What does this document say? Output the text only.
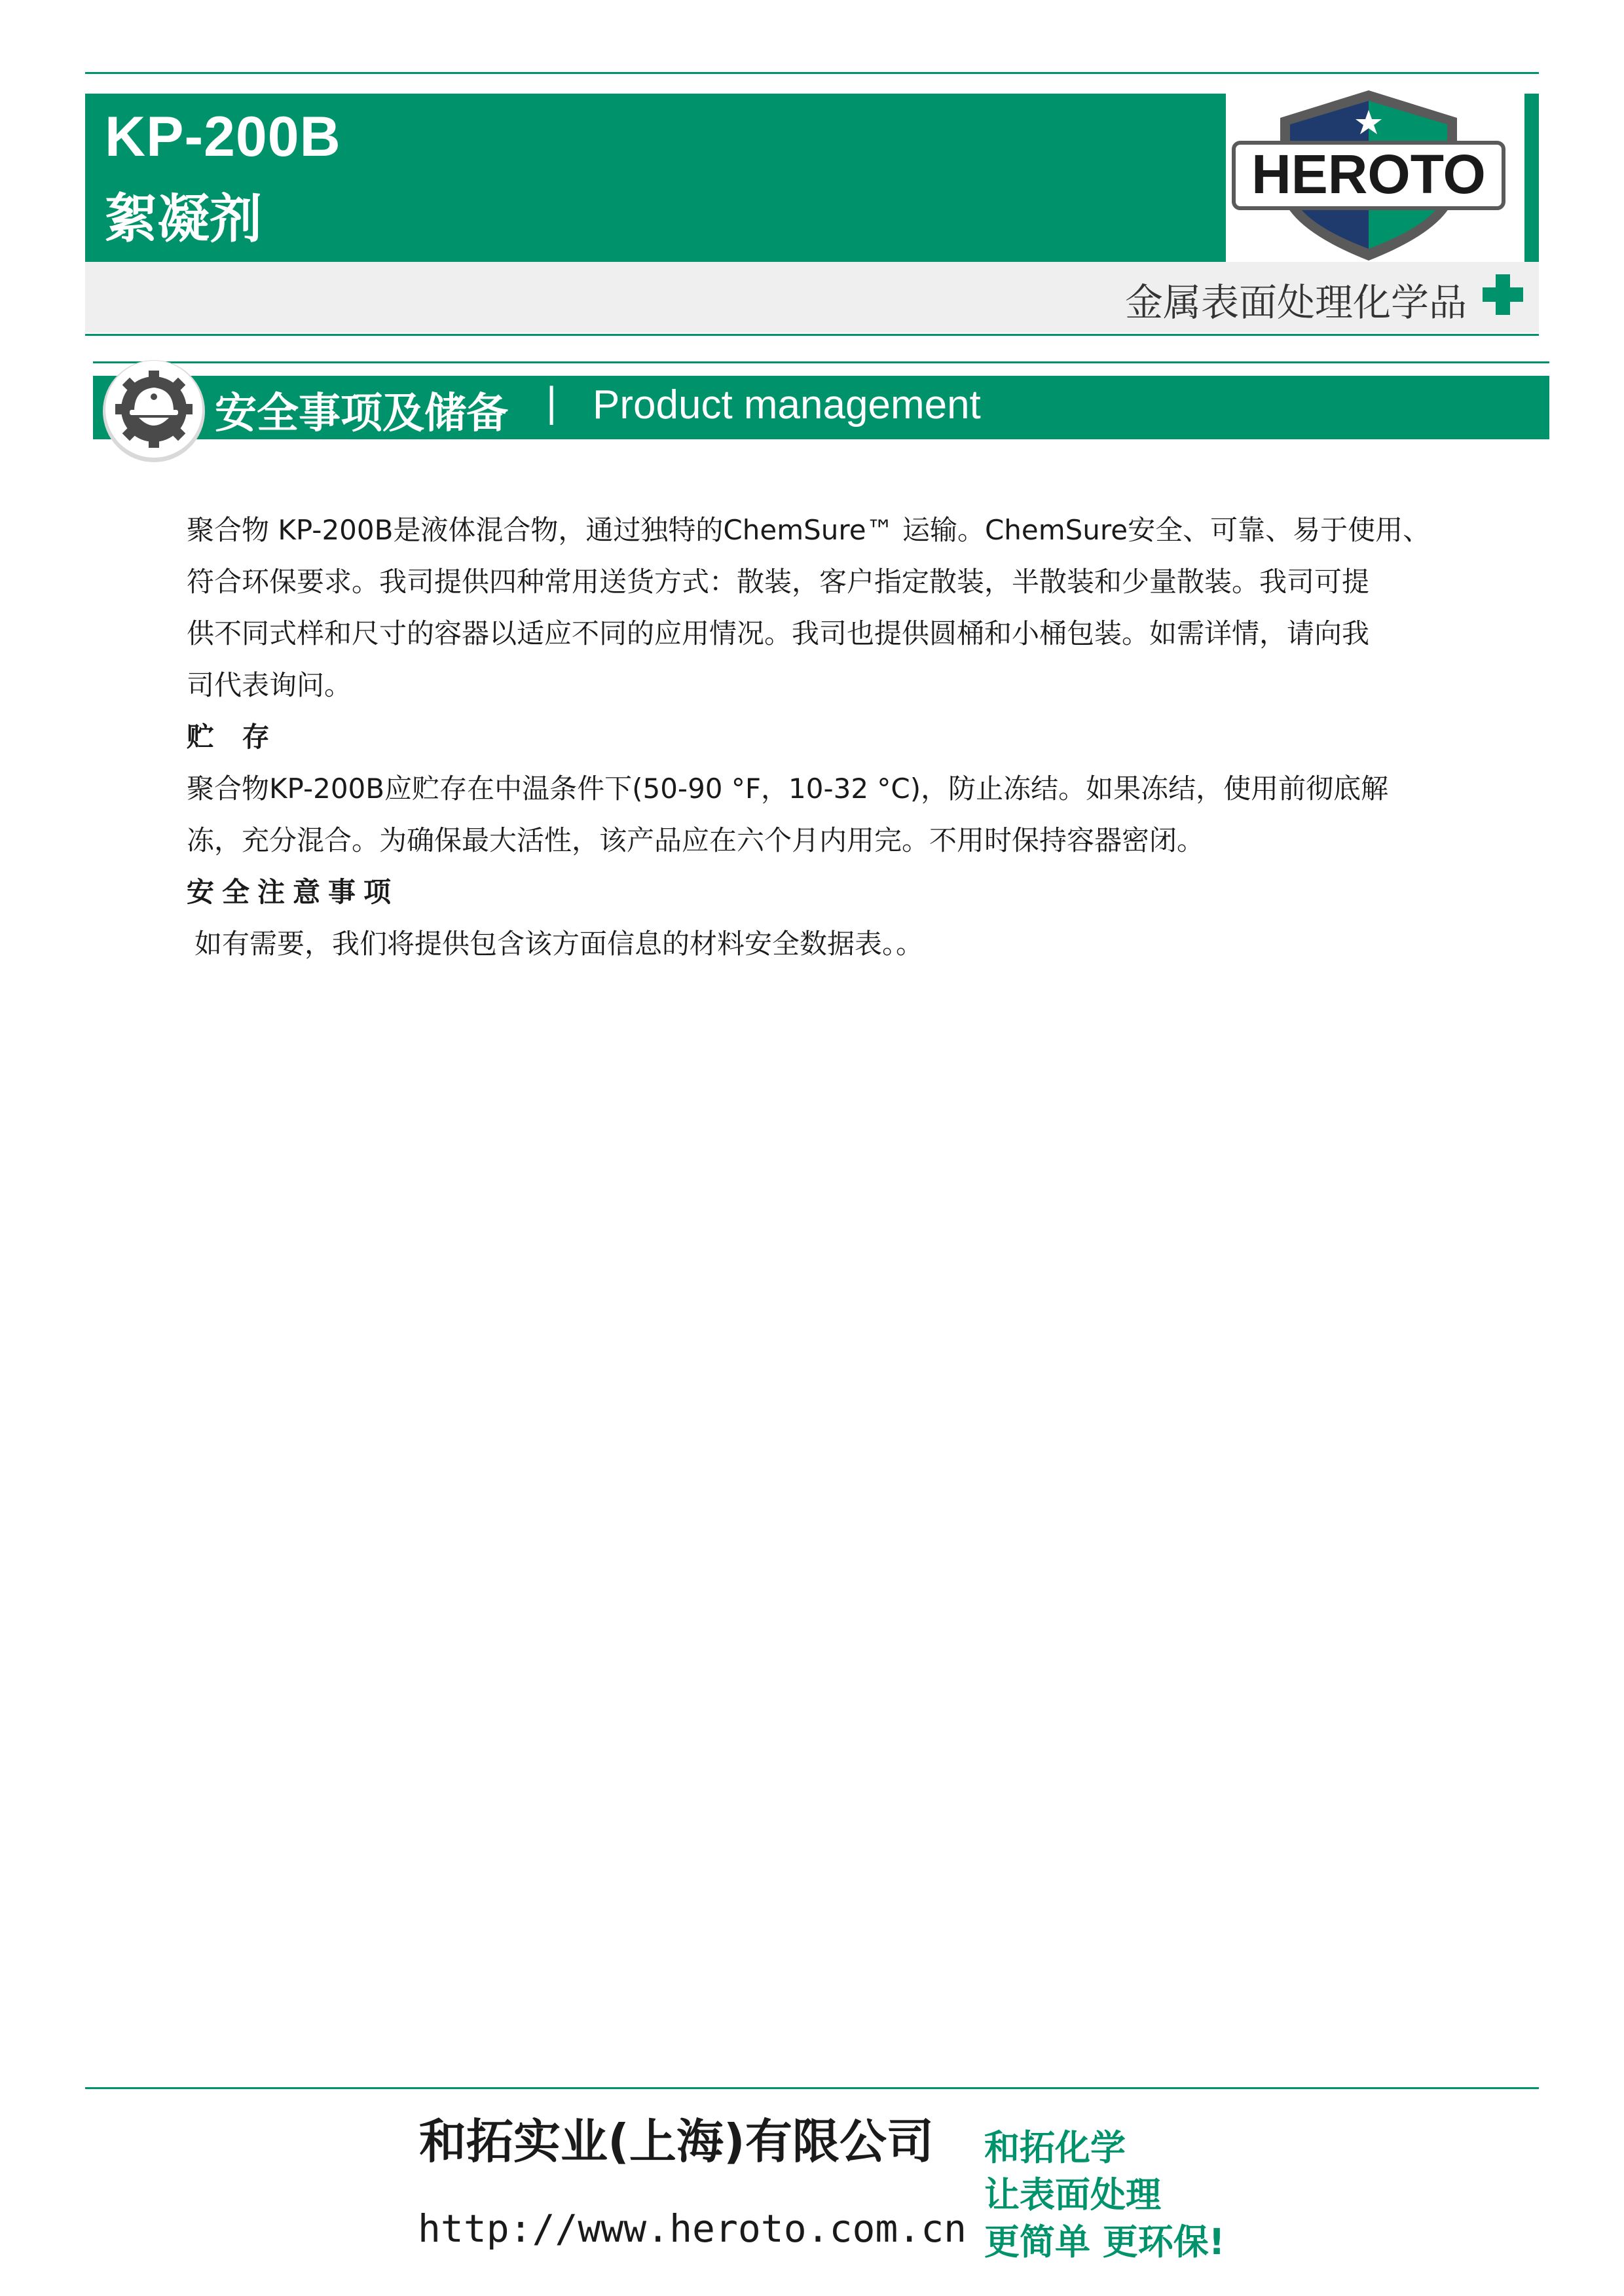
KP-200B
絮凝剂
HEROTO
金属表面处理化学品
安全事项及储备 | Product management

聚合物 KP-200B是液体混合物，通过独特的ChemSure™ 运输。ChemSure安全、可靠、易于使用、

符合环保要求。我司提供四种常用送货方式：散装，客户指定散装，半散装和少量散装。我司可提

供不同式样和尺寸的容器以适应不同的应用情况。我司也提供圆桶和小桶包装。如需详情，请向我

司代表询问。

贮 存

聚合物KP-200B应贮存在中温条件下(50-90 °F，10-32 °C)，防止冻结。如果冻结，使用前彻底解

冻，充分混合。为确保最大活性，该产品应在六个月内用完。不用时保持容器密闭。

安全注意事项

如有需要，我们将提供包含该方面信息的材料安全数据表。。

和拓实业(上海)有限公司
http://www.heroto.com.cn
和拓化学
让表面处理
更简单 更环保!
